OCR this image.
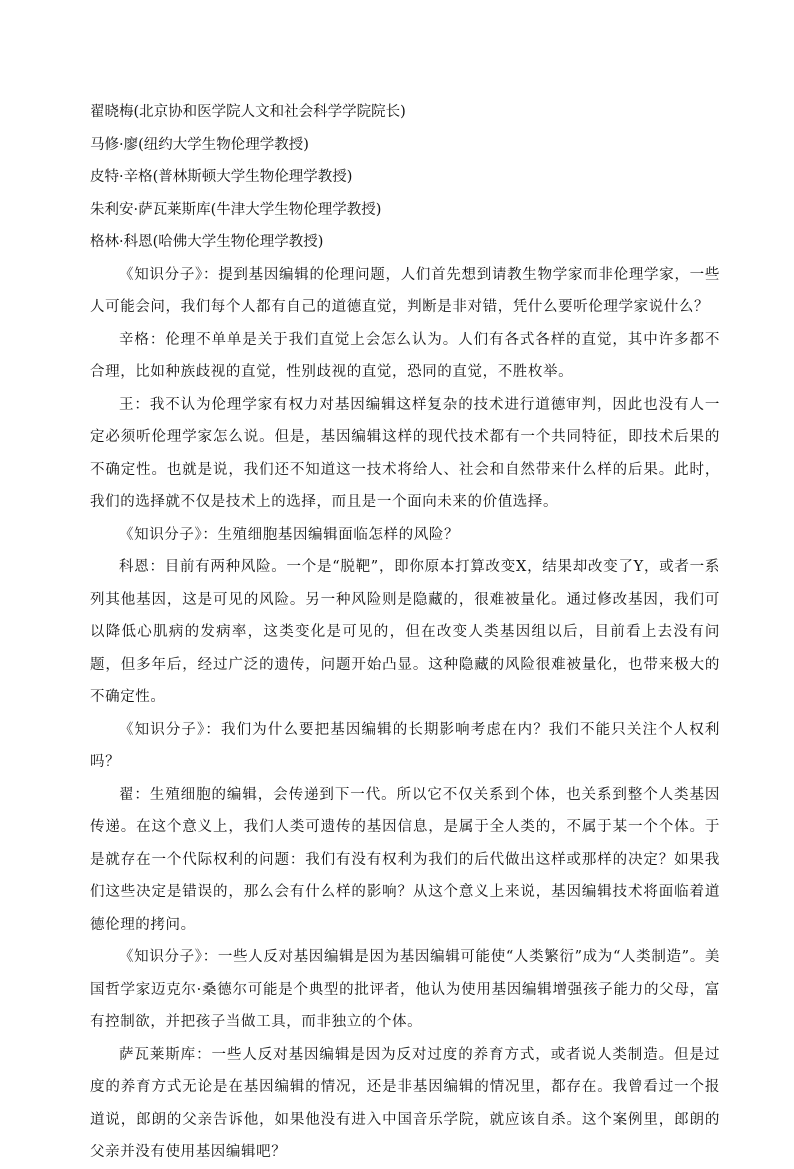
翟晓梅(北京协和医学院人文和社会科学学院院长)

马修·廖(纽约大学生物伦理学教授)

皮特·辛格(普林斯顿大学生物伦理学教授)

朱利安·萨瓦莱斯库(牛津大学生物伦理学教授)

格林·科恩(哈佛大学生物伦理学教授)

《知识分子》：提到基因编辑的伦理问题，人们首先想到请教生物学家而非伦理学家，一些人可能会问，我们每个人都有自己的道德直觉，判断是非对错，凭什么要听伦理学家说什么？

辛格：伦理不单单是关于我们直觉上会怎么认为。人们有各式各样的直觉，其中许多都不合理，比如种族歧视的直觉，性别歧视的直觉，恐同的直觉，不胜枚举。

王：我不认为伦理学家有权力对基因编辑这样复杂的技术进行道德审判，因此也没有人一定必须听伦理学家怎么说。但是，基因编辑这样的现代技术都有一个共同特征，即技术后果的不确定性。也就是说，我们还不知道这一技术将给人、社会和自然带来什么样的后果。此时，我们的选择就不仅是技术上的选择，而且是一个面向未来的价值选择。

《知识分子》：生殖细胞基因编辑面临怎样的风险？

科恩：目前有两种风险。一个是“脱靶”，即你原本打算改变X，结果却改变了Y，或者一系列其他基因，这是可见的风险。另一种风险则是隐藏的，很难被量化。通过修改基因，我们可以降低心肌病的发病率，这类变化是可见的，但在改变人类基因组以后，目前看上去没有问题，但多年后，经过广泛的遗传，问题开始凸显。这种隐藏的风险很难被量化，也带来极大的不确定性。

《知识分子》：我们为什么要把基因编辑的长期影响考虑在内？我们不能只关注个人权利吗？

翟：生殖细胞的编辑，会传递到下一代。所以它不仅关系到个体，也关系到整个人类基因传递。在这个意义上，我们人类可遗传的基因信息，是属于全人类的，不属于某一个个体。于是就存在一个代际权利的问题：我们有没有权利为我们的后代做出这样或那样的决定？如果我们这些决定是错误的，那么会有什么样的影响？从这个意义上来说，基因编辑技术将面临着道德伦理的拷问。

《知识分子》：一些人反对基因编辑是因为基因编辑可能使“人类繁衍”成为“人类制造”。美国哲学家迈克尔·桑德尔可能是个典型的批评者，他认为使用基因编辑增强孩子能力的父母，富有控制欲，并把孩子当做工具，而非独立的个体。

萨瓦莱斯库：一些人反对基因编辑是因为反对过度的养育方式，或者说人类制造。但是过度的养育方式无论是在基因编辑的情况，还是非基因编辑的情况里，都存在。我曾看过一个报道说，郎朗的父亲告诉他，如果他没有进入中国音乐学院，就应该自杀。这个案例里，郎朗的父亲并没有使用基因编辑吧？
